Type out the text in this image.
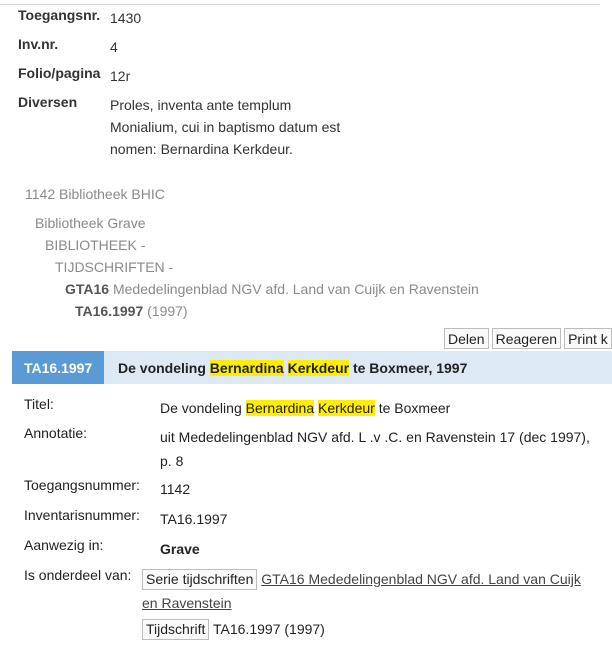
Toegangsnr. 1430
Inv.nr.	4
Folio/pagina 12r
Diversen	Proles, inventa ante templum
Monialium, cui in baptismo datum est
nomen: Bernardina Kerkdeur.
1142 Bibliotheek BHIC
Bibliotheek Grave
BIBLIOTHEEK -
TIJDSCHRIFTEN -
GTA16 Mededelingenblad NGV afd. Land van Cuijk en Ravenstein
TA16.1997 (1997)
Delen Reageren Print k
TA16.1997	De vondeling Bernardina Kerkdeur te Boxmeer, 1997
Titel:	De vondeling Bernardina Kerkdeur te Boxmeer
Annotatie:	uit Mededelingenblad NGV afd. L .v .C. en Ravenstein 17 (dec 1997),
p. 8
Toegangsnummer:	1142
Inventarisnummer:	TA16.1997
Aanwezig in:	Grave
Is onderdeel van:	Serie tijdschriften GTA16 Mededelingenblad NGV afd. Land van Cuijk
en Ravenstein
Tijdschrift TA16.1997 (1997)
